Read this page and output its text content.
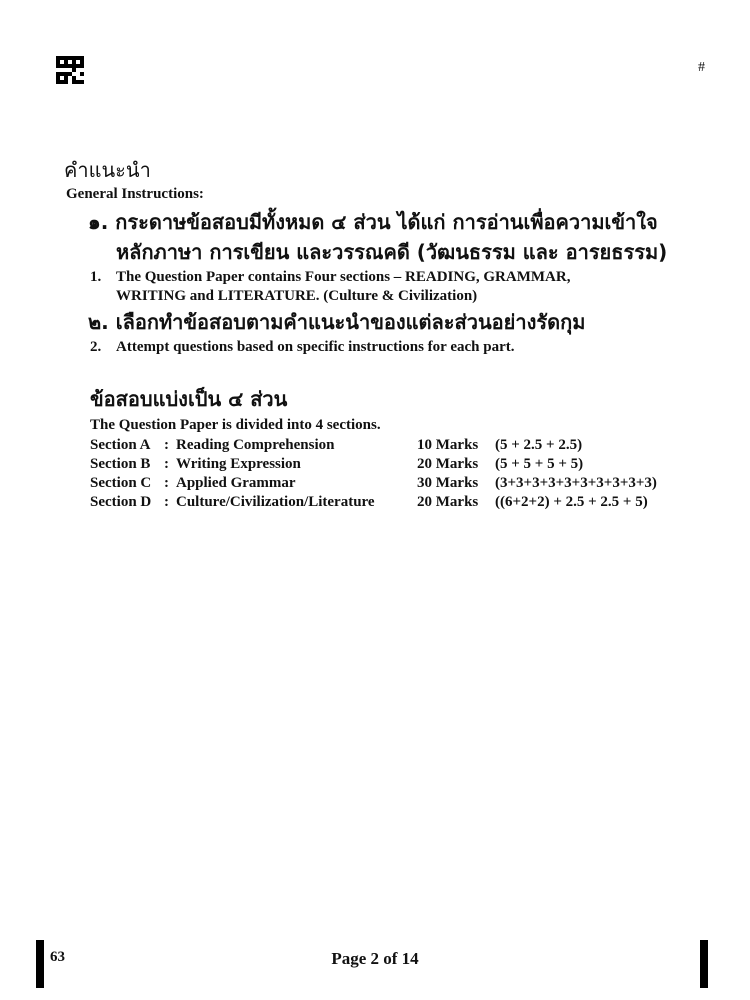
#
คำแนะนำ
General Instructions:
๑. กระดาษข้อสอบมีทั้งหมด ๔ ส่วน ได้แก่ การอ่านเพื่อความเข้าใจ
หลักภาษา การเขียน และวรรณคดี (วัฒนธรรม และ อารยธรรม)
1. The Question Paper contains Four sections – READING, GRAMMAR,
WRITING and LITERATURE. (Culture & Civilization)
๒. เลือกทำข้อสอบตามคำแนะนำของแต่ละส่วนอย่างรัดกุม
2. Attempt questions based on specific instructions for each part.
ข้อสอบแบ่งเป็น ๔ ส่วน
The Question Paper is divided into 4 sections.
Section A : Reading Comprehension	10 Marks (5 + 2.5 + 2.5)
Section B : Writing Expression	20 Marks (5 + 5 + 5 + 5)
Section C : Applied Grammar	30 Marks (3+3+3+3+3+3+3+3+3+3)
Section D : Culture/Civilization/Literature	20 Marks ((6+2+2) + 2.5 + 2.5 + 5)
63	Page 2 of 14
